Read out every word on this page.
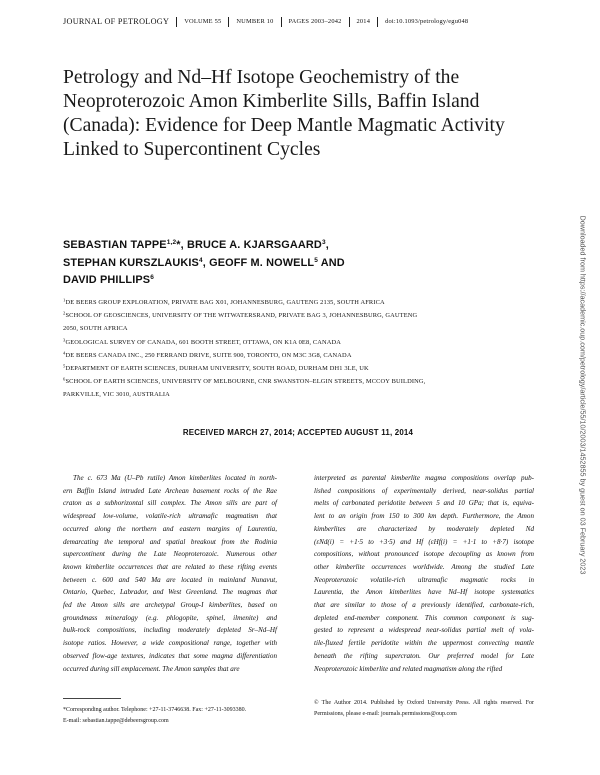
JOURNAL OF PETROLOGY	VOLUME 55	NUMBER 10	PAGES 2003–2042	2014	doi:10.1093/petrology/egu048
Petrology and Nd–Hf Isotope Geochemistry of the Neoproterozoic Amon Kimberlite Sills, Baffin Island (Canada): Evidence for Deep Mantle Magmatic Activity Linked to Supercontinent Cycles

SEBASTIAN TAPPE$^{1,2}$*, BRUCE A. KJARSGAARD$^3$,
STEPHAN KURSZLAUKIS$^4$, GEOFF M. NOWELL$^5$ AND
DAVID PHILLIPS$^6$

$^1$DE BEERS GROUP EXPLORATION, PRIVATE BAG X01, JOHANNESBURG, GAUTENG 2135, SOUTH AFRICA
$^2$SCHOOL OF GEOSCIENCES, UNIVERSITY OF THE WITWATERSRAND, PRIVATE BAG 3, JOHANNESBURG, GAUTENG
2050, SOUTH AFRICA
$^3$GEOLOGICAL SURVEY OF CANADA, 601 BOOTH STREET, OTTAWA, ON K1A 0E8, CANADA
$^4$DE BEERS CANADA INC., 250 FERRAND DRIVE, SUITE 900, TORONTO, ON M3C 3G8, CANADA
$^5$DEPARTMENT OF EARTH SCIENCES, DURHAM UNIVERSITY, SOUTH ROAD, DURHAM DH1 3LE, UK
$^6$SCHOOL OF EARTH SCIENCES, UNIVERSITY OF MELBOURNE, CNR SWANSTON–ELGIN STREETS, MCCOY BUILDING,
PARKVILLE, VIC 3010, AUSTRALIA
RECEIVED MARCH 27, 2014; ACCEPTED AUGUST 11, 2014
The c. 673 Ma (U–Pb rutile) Amon kimberlites located in north-
ern Baffin Island intruded Late Archean basement rocks of the Rae
craton as a subhorizontal sill complex. The Amon sills are part of
widespread low-volume, volatile-rich ultramafic magmatism that
occurred along the northern and eastern margins of Laurentia,
demarcating the temporal and spatial breakout from the Rodinia
supercontinent during the Late Neoproterozoic. Numerous other
known kimberlite occurrences that are related to these rifting events
between c. 600 and 540 Ma are located in mainland Nunavut,
Ontario, Quebec, Labrador, and West Greenland. The magmas that
fed the Amon sills are archetypal Group-I kimberlites, based on
groundmass mineralogy (e.g. phlogopite, spinel, ilmenite) and
bulk-rock compositions, including moderately depleted Sr–Nd–Hf
isotope ratios. However, a wide compositional range, together with
observed flow-age textures, indicates that some magma differentiation
occurred during sill emplacement. The Amon samples that are
interpreted as parental kimberlite magma compositions overlap pub-
lished compositions of experimentally derived, near-solidus partial
melts of carbonated peridotite between 5 and 10 GPa; that is, equiva-
lent to an origin from 150 to 300 km depth. Furthermore, the Amon
kimberlites are characterized by moderately depleted Nd
(εNd(i) = +1·5 to +3·5) and Hf (εHf(i) = +1·1 to +8·7) isotope
compositions, without pronounced isotope decoupling as known from
other kimberlite occurrences worldwide. Among the studied Late
Neoproterozoic volatile-rich ultramafic magmatic rocks in
Laurentia, the Amon kimberlites have Nd–Hf isotope systematics
that are similar to those of a previously identified, carbonate-rich,
depleted end-member component. This common component is sug-
gested to represent a widespread near-solidus partial melt of vola-
tile-fluxed fertile peridotite within the uppermost convecting mantle
beneath the rifting supercraton. Our preferred model for Late
Neoproterozoic kimberlite and related magmatism along the rifted
*Corresponding author. Telephone: +27-11-3746638. Fax: +27-11-3093380.
E-mail: sebastian.tappe@debeersgroup.com
© The Author 2014. Published by Oxford University Press. All rights reserved. For Permissions, please e-mail: journals.permissions@oup.com
Downloaded from https://academic.oup.com/petrology/article/55/10/2003/1452855 by guest on 03 February 2023
